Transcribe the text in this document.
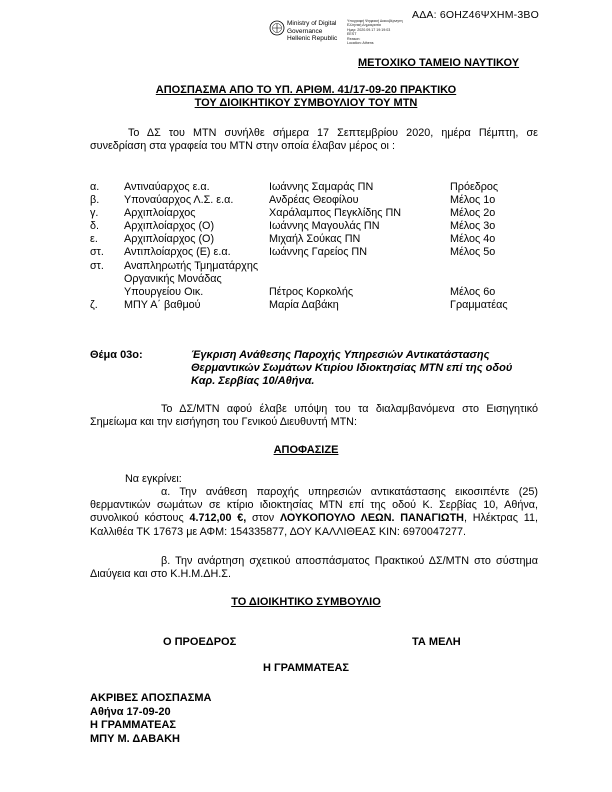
ΑΔΑ: 6ΟΗΖ46ΨΧΗΜ-3ΒΟ
Ministry of Digital
Governance
Hellenic Republic
Υπογραφή Ψηφιακή Διακυβέρνηση
Ελληνική Δημοκρατία
Ημερ: 2020.09.17 19:19:03
EEST
Reason:
Location: Athens
ΜΕΤΟΧΙΚΟ ΤΑΜΕΙΟ ΝΑΥΤΙΚΟΥ
ΑΠΟΣΠΑΣΜΑ ΑΠΟ ΤΟ ΥΠ. ΑΡΙΘΜ. 41/17-09-20 ΠΡΑΚΤΙΚΟ
ΤΟΥ ΔΙΟΙΚΗΤΙΚΟΥ ΣΥΜΒΟΥΛΙΟΥ ΤΟΥ ΜΤΝ
Το ΔΣ του ΜΤΝ συνήλθε σήμερα 17 Σεπτεμβρίου 2020, ημέρα Πέμπτη, σε συνεδρίαση στα γραφεία του ΜΤΝ στην οποία έλαβαν μέρος οι :
α. Αντιναύαρχος ε.α.	Ιωάννης Σαμαράς ΠΝ	Πρόεδρος
β. Υποναύαρχος Λ.Σ. ε.α.	Ανδρέας Θεοφίλου	Μέλος 1ο
γ. Αρχιπλοίαρχος	Χαράλαμπος Πεγκλίδης ΠΝ	Μέλος 2ο
δ. Αρχιπλοίαρχος (Ο)	Ιωάννης Μαγουλάς ΠΝ	Μέλος 3ο
ε. Αρχιπλοίαρχος (Ο)	Μιχαήλ Σούκας ΠΝ	Μέλος 4ο
στ. Αντιπλοίαρχος (Ε) ε.α.	Ιωάννης Γαρείος ΠΝ	Μέλος 5ο
στ. Αναπληρωτής Τμηματάρχης
Οργανικής Μονάδας
Υπουργείου Οικ.	Πέτρος Κορκολής	Μέλος 6ο
ζ. ΜΠΥ Α΄ βαθμού	Μαρία Δαβάκη	Γραμματέας
Θέμα 03ο:	Έγκριση Ανάθεσης Παροχής Υπηρεσιών Αντικατάστασης Θερμαντικών Σωμάτων Κτιρίου Ιδιοκτησίας ΜΤΝ επί της οδού Καρ. Σερβίας 10/Αθήνα.
Το ΔΣ/ΜΤΝ αφού έλαβε υπόψη του τα διαλαμβανόμενα στο Εισηγητικό Σημείωμα και την εισήγηση του Γενικού Διευθυντή ΜΤΝ:
ΑΠΟΦΑΣΙΖΕ
Να εγκρίνει:
α. Την ανάθεση παροχής υπηρεσιών αντικατάστασης εικοσιπέντε (25) θερμαντικών σωμάτων σε κτίριο ιδιοκτησίας ΜΤΝ επί της οδού Κ. Σερβίας 10, Αθήνα, συνολικού κόστους 4.712,00 €, στον ΛΟΥΚΟΠΟΥΛΟ ΛΕΩΝ. ΠΑΝΑΓΙΩΤΗ, Ηλέκτρας 11, Καλλιθέα ΤΚ 17673 με ΑΦΜ: 154335877, ΔΟΥ ΚΑΛΛΙΘΕΑΣ ΚΙΝ: 6970047277.
β. Την ανάρτηση σχετικού αποσπάσματος Πρακτικού ΔΣ/ΜΤΝ στο σύστημα Διαύγεια και στο Κ.Η.Μ.ΔΗ.Σ.
ΤΟ ΔΙΟΙΚΗΤΙΚΟ ΣΥΜΒΟΥΛΙΟ
Ο ΠΡΟΕΔΡΟΣ	ΤΑ ΜΕΛΗ
Η ΓΡΑΜΜΑΤΕΑΣ
ΑΚΡΙΒΕΣ ΑΠΟΣΠΑΣΜΑ
Αθήνα 17-09-20
Η ΓΡΑΜΜΑΤΕΑΣ
ΜΠΥ Μ. ΔΑΒΑΚΗ
